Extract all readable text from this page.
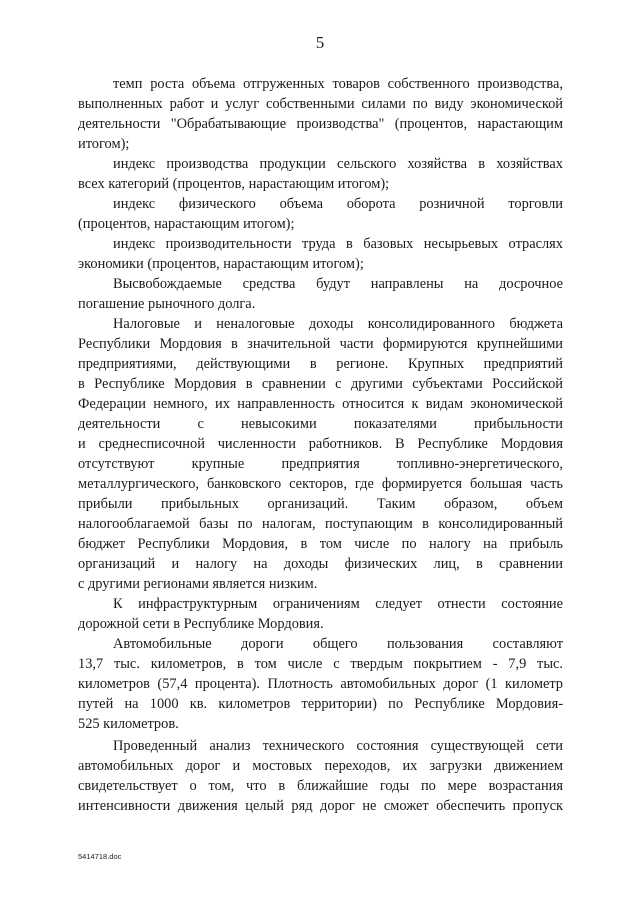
5
темп роста объема отгруженных товаров собственного производства,
выполненных работ и услуг собственными силами по виду экономической
деятельности "Обрабатывающие производства" (процентов, нарастающим
итогом);
индекс производства продукции сельского хозяйства в хозяйствах
всех категорий (процентов, нарастающим итогом);
индекс физического объема оборота розничной торговли
(процентов, нарастающим итогом);
индекс производительности труда в базовых несырьевых отраслях
экономики (процентов, нарастающим итогом);
Высвобождаемые средства будут направлены на досрочное
погашение рыночного долга.
Налоговые и неналоговые доходы консолидированного бюджета
Республики Мордовия в значительной части формируются крупнейшими
предприятиями, действующими в регионе. Крупных предприятий
в Республике Мордовия в сравнении с другими субъектами Российской
Федерации немного, их направленность относится к видам экономической
деятельности с невысокими показателями прибыльности
и среднесписочной численности работников. В Республике Мордовия
отсутствуют крупные предприятия топливно-энергетического,
металлургического, банковского секторов, где формируется большая часть
прибыли прибыльных организаций. Таким образом, объем
налогооблагаемой базы по налогам, поступающим в консолидированный
бюджет Республики Мордовия, в том числе по налогу на прибыль
организаций и налогу на доходы физических лиц, в сравнении
с другими регионами является низким.
К инфраструктурным ограничениям следует отнести состояние
дорожной сети в Республике Мордовия.
Автомобильные дороги общего пользования составляют
13,7 тыс. километров, в том числе с твердым покрытием - 7,9 тыс.
километров (57,4 процента). Плотность автомобильных дорог (1 километр
путей на 1000 кв. километров территории) по Республике Мордовия-
525 километров.
Проведенный анализ технического состояния существующей сети
автомобильных дорог и мостовых переходов, их загрузки движением
свидетельствует о том, что в ближайшие годы по мере возрастания
интенсивности движения целый ряд дорог не сможет обеспечить пропуск
5414718.doc
